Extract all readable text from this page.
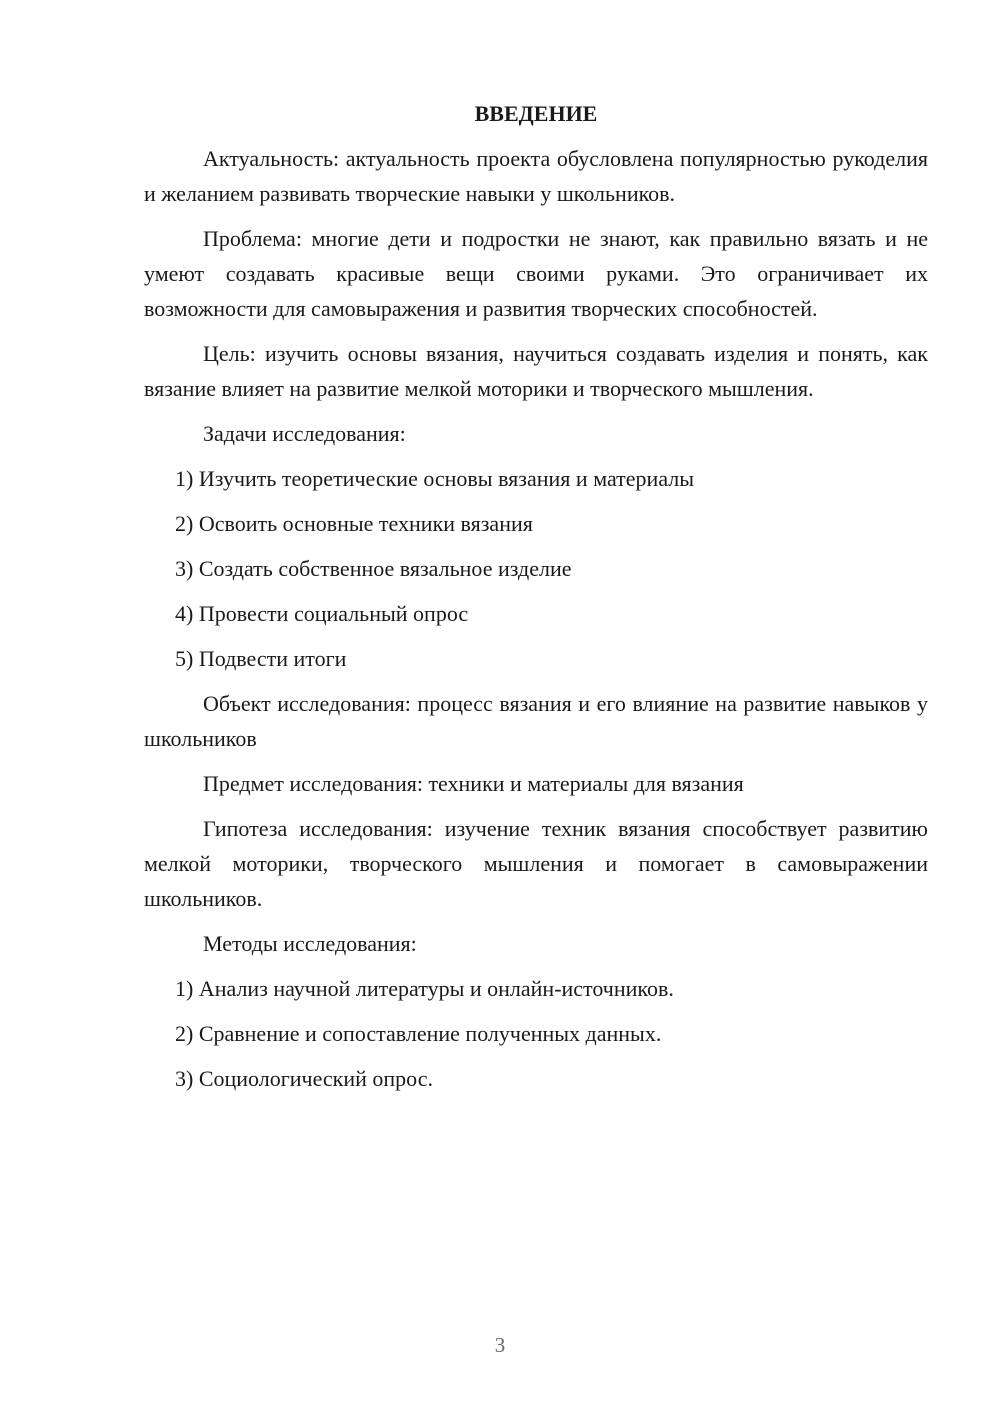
ВВЕДЕНИЕ

Актуальность: актуальность проекта обусловлена популярностью рукоделия и желанием развивать творческие навыки у школьников.

Проблема: многие дети и подростки не знают, как правильно вязать и не умеют создавать красивые вещи своими руками. Это ограничивает их возможности для самовыражения и развития творческих способностей.

Цель: изучить основы вязания, научиться создавать изделия и понять, как вязание влияет на развитие мелкой моторики и творческого мышления.

Задачи исследования:

1) Изучить теоретические основы вязания и материалы
2) Освоить основные техники вязания
3) Создать собственное вязальное изделие
4) Провести социальный опрос
5) Подвести итоги

Объект исследования: процесс вязания и его влияние на развитие навыков у школьников

Предмет исследования: техники и материалы для вязания

Гипотеза исследования: изучение техник вязания способствует развитию мелкой моторики, творческого мышления и помогает в самовыражении школьников.

Методы исследования:

1) Анализ научной литературы и онлайн-источников.
2) Сравнение и сопоставление полученных данных.
3) Социологический опрос.
3
